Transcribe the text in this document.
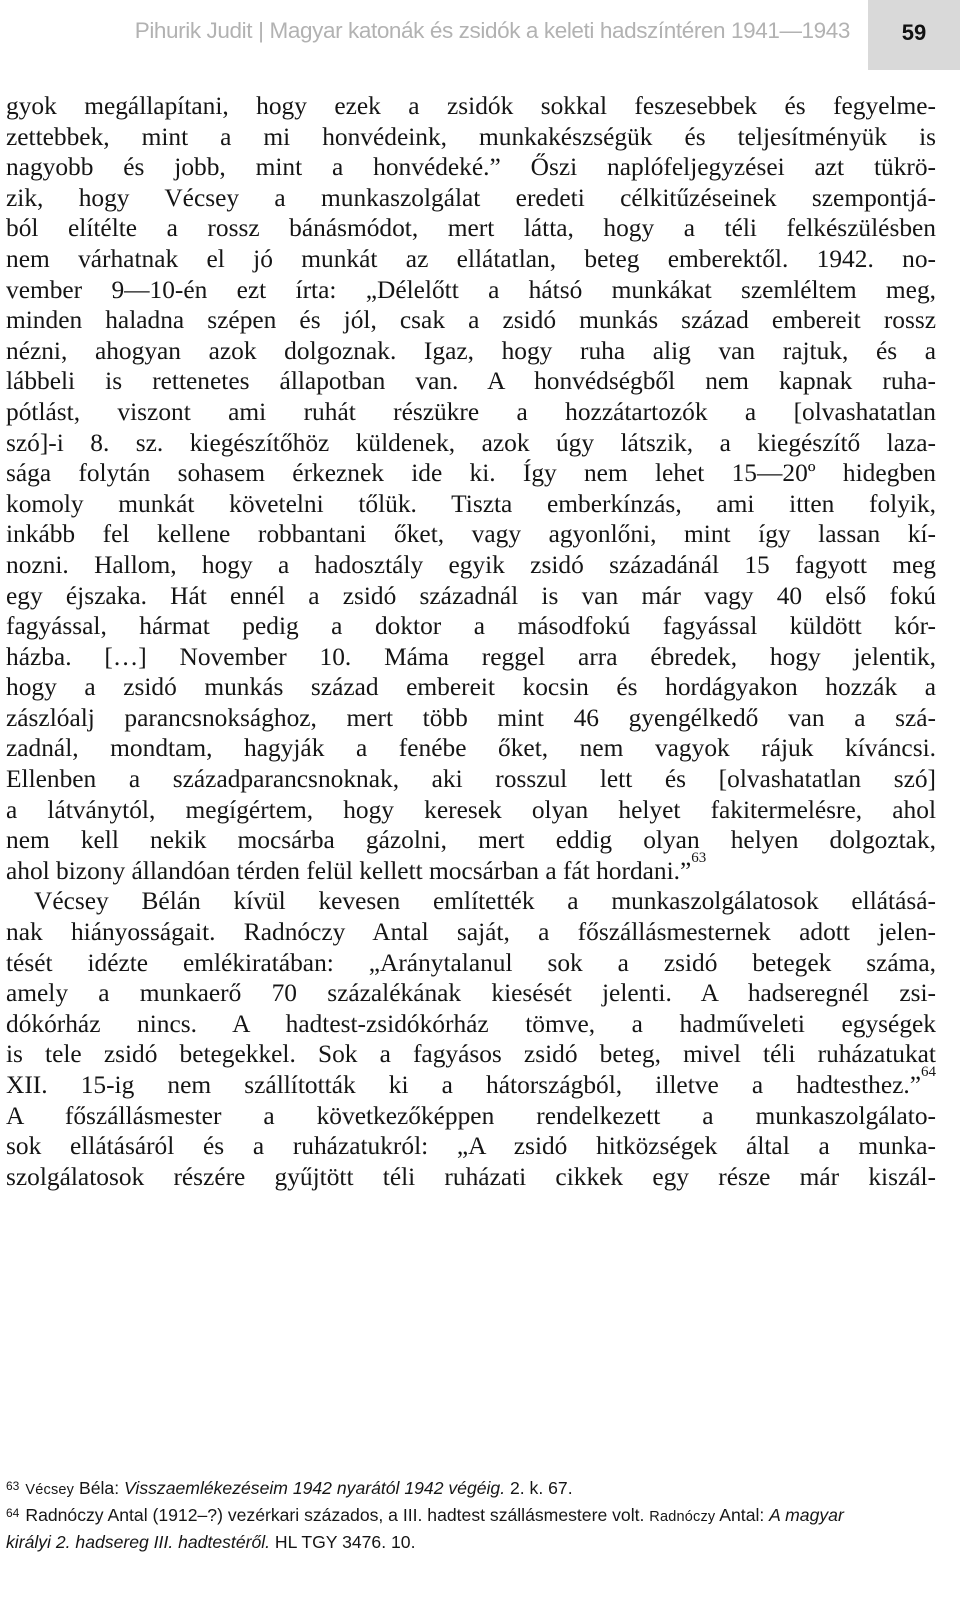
Pihurik Judit | Magyar katonák és zsidók a keleti hadszíntéren 1941—1943	59
gyok megállapítani, hogy ezek a zsidók sokkal feszesebbek és fegyelme-
zettebbek, mint a mi honvédeink, munkakészségük és teljesítményük is
nagyobb és jobb, mint a honvédeké.” Őszi naplófeljegyzései azt tükrö-
zik, hogy Vécsey a munkaszolgálat eredeti célkitűzéseinek szempontjá-
ból elítélte a rossz bánásmódot, mert látta, hogy a téli felkészülésben
nem várhatnak el jó munkát az ellátatlan, beteg emberektől. 1942. no-
vember 9—10-én ezt írta: „Délelőtt a hátsó munkákat szemléltem meg,
minden haladna szépen és jól, csak a zsidó munkás század embereit rossz
nézni, ahogyan azok dolgoznak. Igaz, hogy ruha alig van rajtuk, és a
lábbeli is rettenetes állapotban van. A honvédségből nem kapnak ruha-
pótlást, viszont ami ruhát részükre a hozzátartozók a [olvashatatlan
szó]-i 8. sz. kiegészítőhöz küldenek, azok úgy látszik, a kiegészítő laza-
sága folytán sohasem érkeznek ide ki. Így nem lehet 15—20º hidegben
komoly munkát követelni tőlük. Tiszta emberkínzás, ami itten folyik,
inkább fel kellene robbantani őket, vagy agyonlőni, mint így lassan kí-
nozni. Hallom, hogy a hadosztály egyik zsidó századánál 15 fagyott meg
egy éjszaka. Hát ennél a zsidó századnál is van már vagy 40 első fokú
fagyással, hármat pedig a doktor a másodfokú fagyással küldött kór-
házba. […] November 10. Máma reggel arra ébredek, hogy jelentik,
hogy a zsidó munkás század embereit kocsin és hordágyakon hozzák a
zászlóalj parancsnoksághoz, mert több mint 46 gyengélkedő van a szá-
zadnál, mondtam, hagyják a fenébe őket, nem vagyok rájuk kíváncsi.
Ellenben a századparancsnoknak, aki rosszul lett és [olvashatatlan szó]
a látványtól, megígértem, hogy keresek olyan helyet fakitermelésre, ahol
nem kell nekik mocsárba gázolni, mert eddig olyan helyen dolgoztak,
ahol bizony állandóan térden felül kellett mocsárban a fát hordani.”$^{63}$
Vécsey Bélán kívül kevesen említették a munkaszolgálatosok ellátásá-
nak hiányosságait. Radnóczy Antal saját, a főszállásmesternek adott jelen-
tését idézte emlékiratában: „Aránytalanul sok a zsidó betegek száma,
amely a munkaerő 70 százalékának kiesését jelenti. A hadseregnél zsi-
dókórház nincs. A hadtest-zsidókórház tömve, a hadműveleti egységek
is tele zsidó betegekkel. Sok a fagyásos zsidó beteg, mivel téli ruházatukat
XII. 15-ig nem szállították ki a hátországból, illetve a hadtesthez.”$^{64}$
A főszállásmester a következőképpen rendelkezett a munkaszolgálato-
sok ellátásáról és a ruházatukról: „A zsidó hitközségek által a munka-
szolgálatosok részére gyűjtött téli ruházati cikkek egy része már kiszál-
$^{63}$ Vécsey Béla: Visszaemlékezéseim 1942 nyarától 1942 végéig. 2. k. 67.
$^{64}$ Radnóczy Antal (1912–?) vezérkari százados, a III. hadtest szállásmestere volt. Radnóczy Antal: A magyar
királyi 2. hadsereg III. hadtestéről. HL TGY 3476. 10.
